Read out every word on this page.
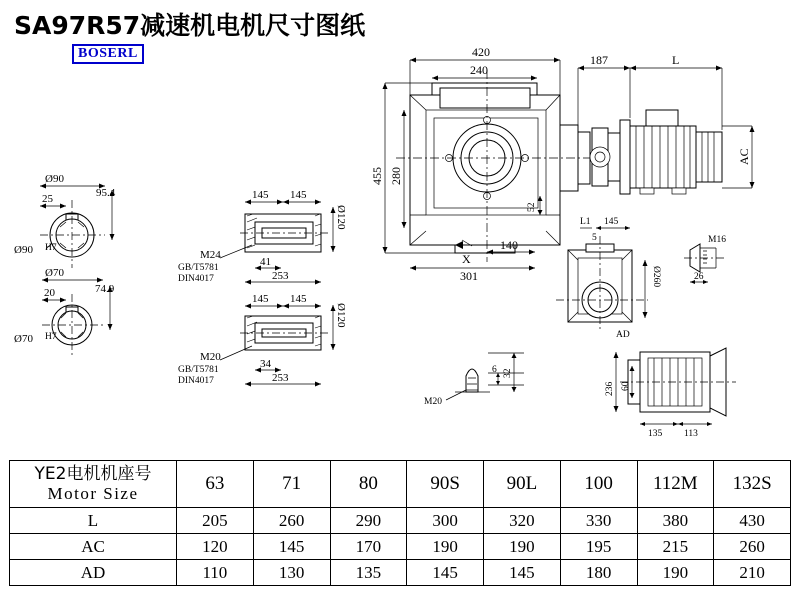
SA97R57减速机电机尺寸图纸
BOSERL
Ø90
25	95.4
Ø90 H7
Ø70
20	74.9
Ø70 H7
145 145
Ø120
M24
GB/T5781
DIN4017
41
253
145 145
Ø120
M20
GB/T5781
DIN4017
34
253
420
240
455 280
52
140
301
X
187	L
AC
Ø260
L1 145
5
AD
M16
26
236 60
135 113
M20
32
6
YE2电机机座号
Motor Size	63	71	80	90S	90L	100	112M	132S
L	205	260	290	300	320	330	380	430
AC	120	145	170	190	190	195	215	260
AD	110	130	135	145	145	180	190	210
